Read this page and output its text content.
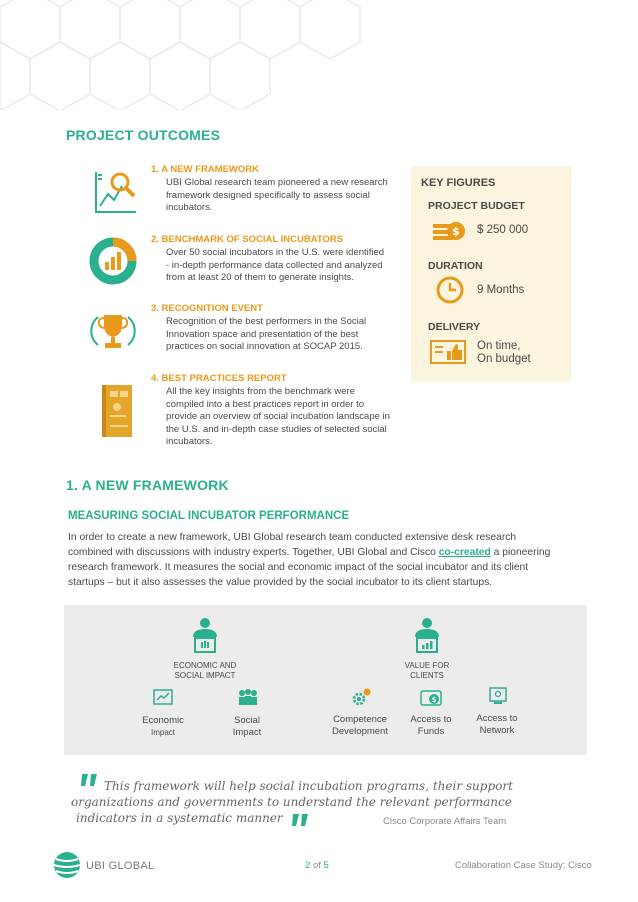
PROJECT OUTCOMES
1. A NEW FRAMEWORK
UBI Global research team pioneered a new research
framework designed specifically to assess social
incubators.
2. BENCHMARK OF SOCIAL INCUBATORS
Over 50 social incubators in the U.S. were identified
- in-depth performance data collected and analyzed
from at least 20 of them to generate insights.
3. RECOGNITION EVENT
Recognition of the best performers in the Social
Innovation space and presentation of the best
practices on social innovation at SOCAP 2015.
4. BEST PRACTICES REPORT
All the key insights from the benchmark were
compiled into a best practices report in order to
provide an overview of social incubation landscape in
the U.S. and in-depth case studies of selected social
incubators.
KEY FIGURES
PROJECT BUDGET
$ $ 250 000
DURATION
9 Months
DELIVERY
On time,
On budget
1. A NEW FRAMEWORK
MEASURING SOCIAL INCUBATOR PERFORMANCE
In order to create a new framework, UBI Global research team conducted extensive desk research
combined with discussions with industry experts. Together, UBI Global and Cisco co-created a pioneering
research framework. It measures the social and economic impact of the social incubator and its client
startups – but it also assesses the value provided by the social incubator to its client startups.
ECONOMIC AND
SOCIAL IMPACT
VALUE FOR
CLIENTS
$
Economic
Impact
Social
Impact
Competence
Development
Access to
Funds
Access to
Network
This framework will help social incubation programs, their support
organizations and governments to understand the relevant performance
indicators in a systematic manner	Cisco Corporate Affairs Team
UBI GLOBAL	2 of 5	Collaboration Case Study: Cisco
